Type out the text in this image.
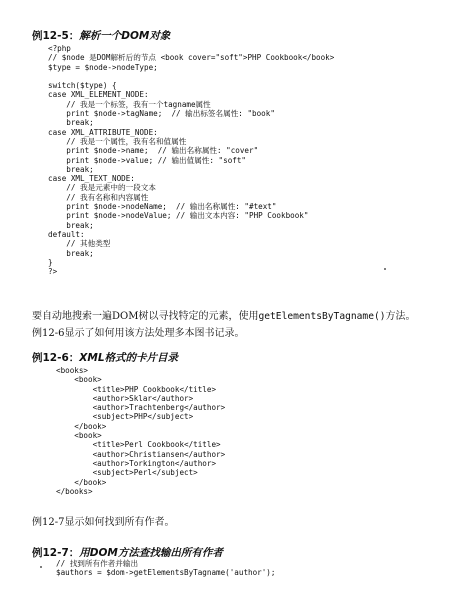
例12-5：解析一个DOM对象
<?php
// $node 是DOM解析后的节点 <book cover="soft">PHP Cookbook</book>
$type = $node->nodeType;

switch($type) {
case XML_ELEMENT_NODE:
// 我是一个标签，我有一个tagname属性
print $node->tagName;  // 输出标签名属性: "book"
break;
case XML_ATTRIBUTE_NODE:
// 我是一个属性，我有名和值属性
print $node->name;  // 输出名称属性: "cover"
print $node->value; // 输出值属性: "soft"
break;
case XML_TEXT_NODE:
// 我是元素中的一段文本
// 我有名称和内容属性
print $node->nodeName;  // 输出名称属性: "#text"
print $node->nodeValue; // 输出文本内容: "PHP Cookbook"
break;
default:
// 其他类型
break;
}
?>

要自动地搜索一遍DOM树以寻找特定的元素，使用getElementsByTagname()方法。例12-6显示了如何用该方法处理多本图书记录。

例12-6：XML格式的卡片目录
<books>
<book>
<title>PHP Cookbook</title>
<author>Sklar</author>
<author>Trachtenberg</author>
<subject>PHP</subject>
</book>
<book>
<title>Perl Cookbook</title>
<author>Christiansen</author>
<author>Torkington</author>
<subject>Perl</subject>
</book>
</books>

例12-7显示如何找到所有作者。

例12-7：用DOM方法查找输出所有作者
// 找到所有作者并输出
$authors = $dom->getElementsByTagname('author');
